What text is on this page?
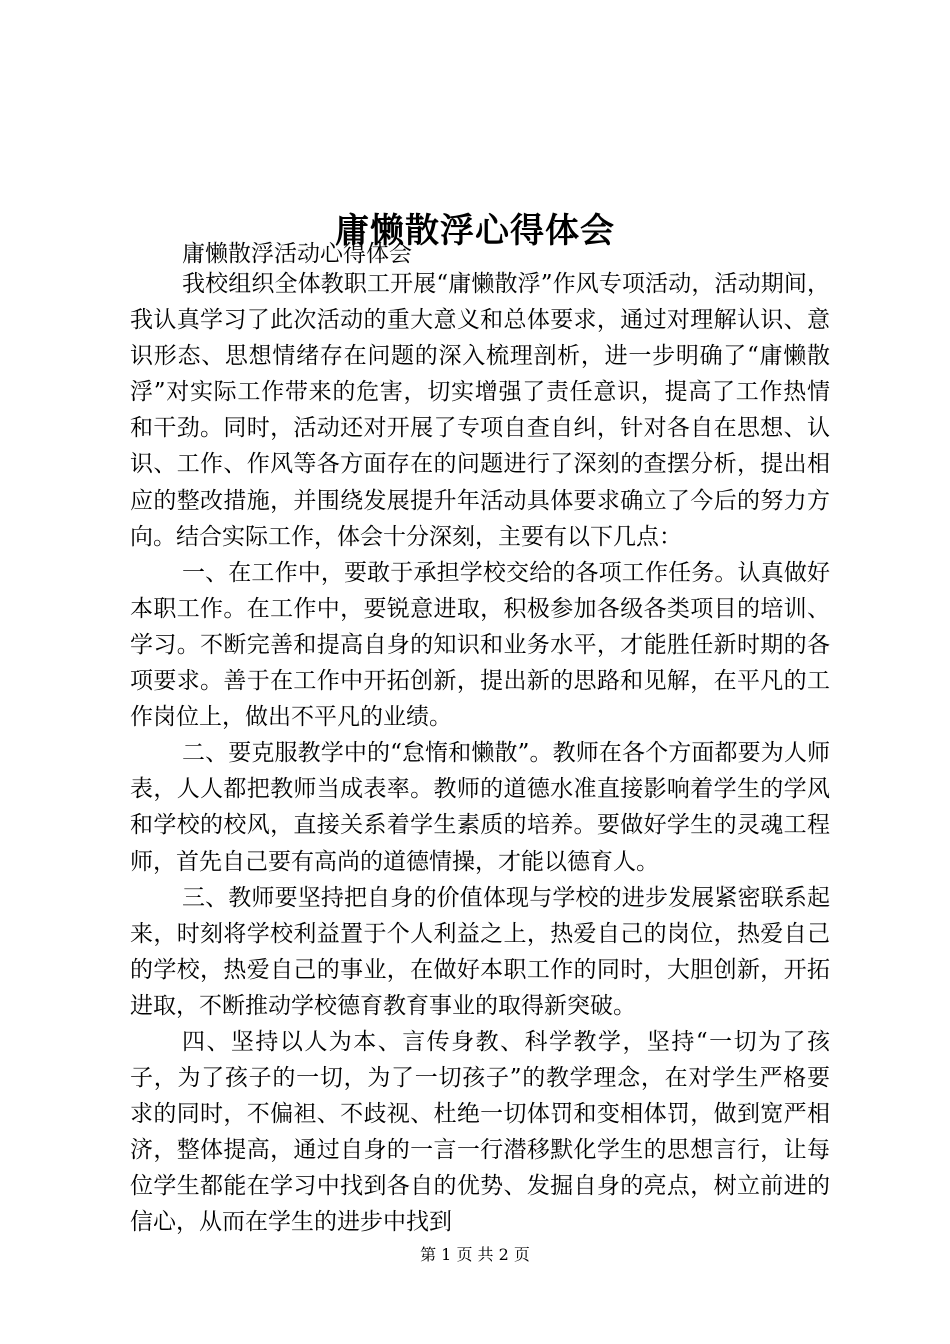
庸懒散浮心得体会
庸懒散浮活动心得体会

我校组织全体教职工开展“庸懒散浮”作风专项活动，活动期间，我认真学习了此次活动的重大意义和总体要求，通过对理解认识、意识形态、思想情绪存在问题的深入梳理剖析，进一步明确了“庸懒散浮”对实际工作带来的危害，切实增强了责任意识，提高了工作热情和干劲。同时，活动还对开展了专项自查自纠，针对各自在思想、认识、工作、作风等各方面存在的问题进行了深刻的查摆分析，提出相应的整改措施，并围绕发展提升年活动具体要求确立了今后的努力方向。结合实际工作，体会十分深刻，主要有以下几点：

一、在工作中，要敢于承担学校交给的各项工作任务。认真做好本职工作。在工作中，要锐意进取，积极参加各级各类项目的培训、学习。不断完善和提高自身的知识和业务水平，才能胜任新时期的各项要求。善于在工作中开拓创新，提出新的思路和见解，在平凡的工作岗位上，做出不平凡的业绩。

二、要克服教学中的“怠惰和懒散”。教师在各个方面都要为人师表，人人都把教师当成表率。教师的道德水准直接影响着学生的学风和学校的校风，直接关系着学生素质的培养。要做好学生的灵魂工程师，首先自己要有高尚的道德情操，才能以德育人。

三、教师要坚持把自身的价值体现与学校的进步发展紧密联系起来，时刻将学校利益置于个人利益之上，热爱自己的岗位，热爱自己的学校，热爱自己的事业，在做好本职工作的同时，大胆创新，开拓进取，不断推动学校德育教育事业的取得新突破。

四、坚持以人为本、言传身教、科学教学，坚持“一切为了孩子，为了孩子的一切，为了一切孩子”的教学理念，在对学生严格要求的同时，不偏袒、不歧视、杜绝一切体罚和变相体罚，做到宽严相济，整体提高，通过自身的一言一行潜移默化学生的思想言行，让每位学生都能在学习中找到各自的优势、发掘自身的亮点，树立前进的信心，从而在学生的进步中找到

第 1 页 共 2 页
